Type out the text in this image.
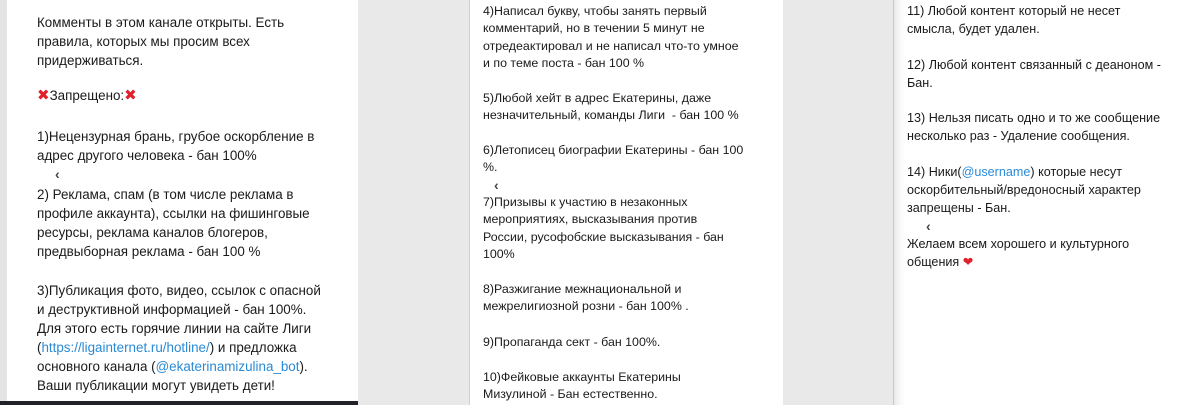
Комменты в этом канале открыты. Есть
правила, которых мы просим всех
придерживаться.
✖Запрещено:✖
1)Нецензурная брань, грубое оскорбление в
адрес другого человека - бан 100%
2) Реклама, спам (в том числе реклама в
профиле аккаунта), ссылки на фишинговые
ресурсы, реклама каналов блогеров,
предвыборная реклама - бан 100 %
3)Публикация фото, видео, ссылок с опасной
и деструктивной информацией - бан 100%.
Для этого есть горячие линии на сайте Лиги
(https://ligainternet.ru/hotline/) и предложка
основного канала (@ekaterinamizulina_bot).
Ваши публикации могут увидеть дети!
‹
4)Написал букву, чтобы занять первый
комментарий, но в течении 5 минут не
отредеактировал и не написал что-то умное
и по теме поста - бан 100 %
5)Любой хейт в адрес Екатерины, даже
незначительный, команды Лиги  - бан 100 %
6)Летописец биографии Екатерины - бан 100
%.
7)Призывы к участию в незаконных
мероприятиях, высказывания против
России, русофобские высказывания - бан
100%
8)Разжигание межнациональной и
межрелигиозной розни - бан 100% .
9)Пропаганда сект - бан 100%.
10)Фейковые аккаунты Екатерины
Мизулиной - Бан естественно.
‹
11) Любой контент который не несет
смысла, будет удален.
12) Любой контент связанный с деаноном -
Бан.
13) Нельзя писать одно и то же сообщение
несколько раз - Удаление сообщения.
14) Ники(@username) которые несут
оскорбительный/вредоносный характер
запрещены - Бан.
Желаем всем хорошего и культурного
общения ❤
‹
